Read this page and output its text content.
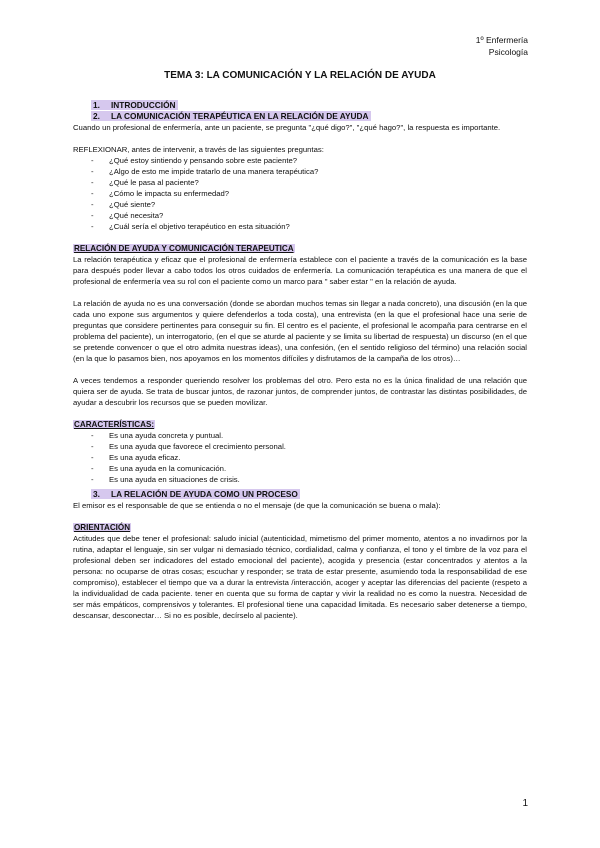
1º Enfermería
Psicología
TEMA 3: LA COMUNICACIÓN Y LA RELACIÓN DE AYUDA
1. INTRODUCCIÓN
2. LA COMUNICACIÓN TERAPÉUTICA EN LA RELACIÓN DE AYUDA

Cuando un profesional de enfermería, ante un paciente, se pregunta "¿qué digo?", "¿qué hago?", la respuesta es importante.

REFLEXIONAR, antes de intervenir, a través de las siguientes preguntas:

- ¿Qué estoy sintiendo y pensando sobre este paciente?
- ¿Algo de esto me impide tratarlo de una manera terapéutica?
- ¿Qué le pasa al paciente?
- ¿Cómo le impacta su enfermedad?
- ¿Qué siente?
- ¿Qué necesita?
- ¿Cuál sería el objetivo terapéutico en esta situación?

RELACIÓN DE AYUDA Y COMUNICACIÓN TERAPEUTICA

La relación terapéutica y eficaz que el profesional de enfermería establece con el paciente a través de la comunicación es la base para después poder llevar a cabo todos los otros cuidados de enfermería. La comunicación terapéutica es una manera de que el profesional de enfermería vea su rol con el paciente como un marco para " saber estar " en la relación de ayuda.

La relación de ayuda no es una conversación (donde se abordan muchos temas sin llegar a nada concreto), una discusión (en la que cada uno expone sus argumentos y quiere defenderlos a toda costa), una entrevista (en la que el profesional hace una serie de preguntas que considere pertinentes para conseguir su fin. El centro es el paciente, el profesional le acompaña para centrarse en el problema del paciente), un interrogatorio, (en el que se aturde al paciente y se limita su libertad de respuesta) un discurso (en el que se pretende convencer o que el otro admita nuestras ideas), una confesión, (en el sentido religioso del término) una relación social (en la que lo pasamos bien, nos apoyamos en los momentos difíciles y disfrutamos de la campaña de los otros)…

A veces tendemos a responder queriendo resolver los problemas del otro. Pero esta no es la única finalidad de una relación que quiera ser de ayuda. Se trata de buscar juntos, de razonar juntos, de comprender juntos, de contrastar las distintas posibilidades, de ayudar a descubrir los recursos que se pueden movilizar.

CARACTERÍSTICAS:

- Es una ayuda concreta y puntual.
- Es una ayuda que favorece el crecimiento personal.
- Es una ayuda eficaz.
- Es una ayuda en la comunicación.
- Es una ayuda en situaciones de crisis.
3. LA RELACIÓN DE AYUDA COMO UN PROCESO

El emisor es el responsable de que se entienda o no el mensaje (de que la comunicación se buena o mala):

ORIENTACIÓN

Actitudes que debe tener el profesional: saludo inicial (autenticidad, mimetismo del primer momento, atentos a no invadirnos por la rutina, adaptar el lenguaje, sin ser vulgar ni demasiado técnico, cordialidad, calma y confianza, el tono y el timbre de la voz para el profesional deben ser indicadores del estado emocional del paciente), acogida y presencia (estar concentrados y atentos a la persona: no ocuparse de otras cosas; escuchar y responder; se trata de estar presente, asumiendo toda la responsabilidad de ese compromiso), establecer el tiempo que va a durar la entrevista /interacción, acoger y aceptar las diferencias del paciente (respeto a la individualidad de cada paciente. tener en cuenta que su forma de captar y vivir la realidad no es como la nuestra. Necesidad de ser más empáticos, comprensivos y tolerantes. El profesional tiene una capacidad limitada. Es necesario saber detenerse a tiempo, descansar, desconectar… Si no es posible, decírselo al paciente).

1
